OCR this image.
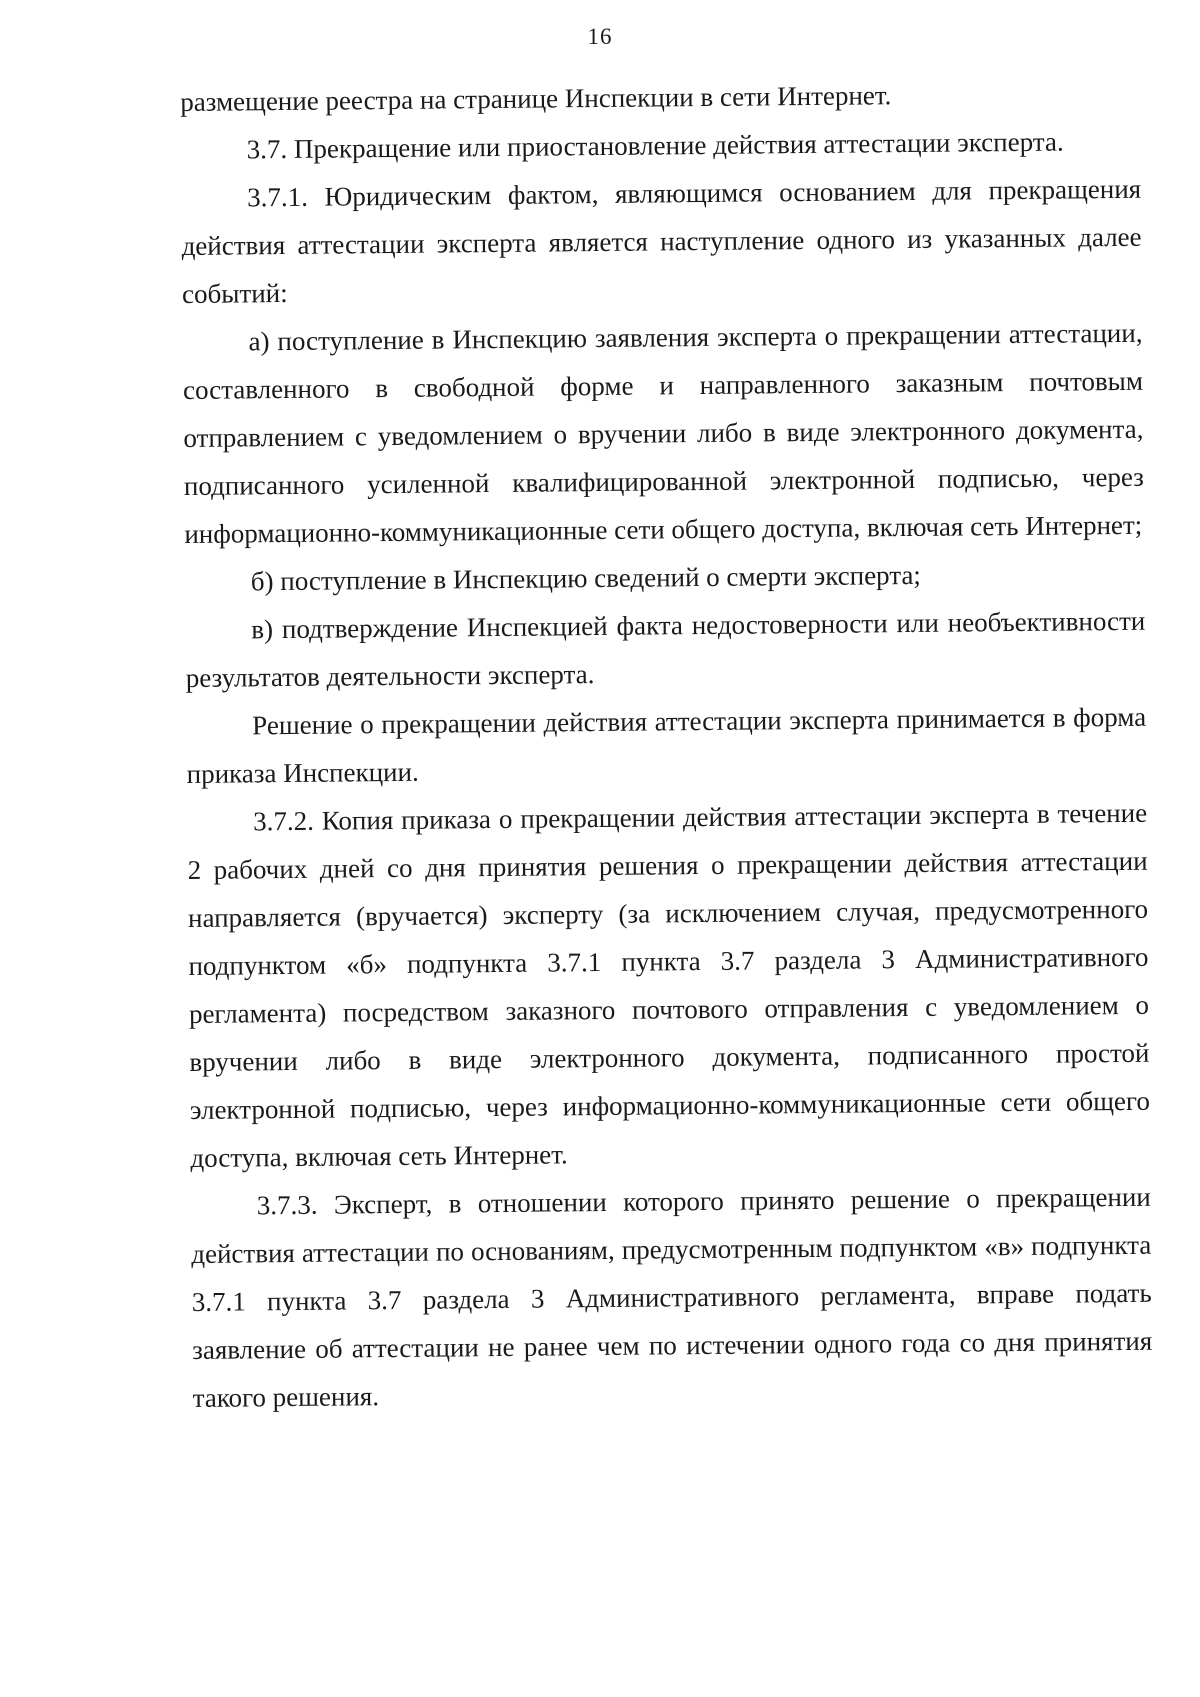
16

размещение реестра на странице Инспекции в сети Интернет.

3.7. Прекращение или приостановление действия аттестации эксперта.

3.7.1. Юридическим фактом, являющимся основанием для прекращения действия аттестации эксперта является наступление одного из указанных далее событий:

а) поступление в Инспекцию заявления эксперта о прекращении аттестации, составленного в свободной форме и направленного заказным почтовым отправлением с уведомлением о вручении либо в виде электронного документа, подписанного усиленной квалифицированной электронной подписью, через информационно-коммуникационные сети общего доступа, включая сеть Интернет;

б) поступление в Инспекцию сведений о смерти эксперта;

в) подтверждение Инспекцией факта недостоверности или необъективности результатов деятельности эксперта.

Решение о прекращении действия аттестации эксперта принимается в форма приказа Инспекции.

3.7.2. Копия приказа о прекращении действия аттестации эксперта в течение 2 рабочих дней со дня принятия решения о прекращении действия аттестации направляется (вручается) эксперту (за исключением случая, предусмотренного подпунктом «б» подпункта 3.7.1 пункта 3.7 раздела 3 Административного регламента) посредством заказного почтового отправления с уведомлением о вручении либо в виде электронного документа, подписанного простой электронной подписью, через информационно-коммуникационные сети общего доступа, включая сеть Интернет.

3.7.3. Эксперт, в отношении которого принято решение о прекращении действия аттестации по основаниям, предусмотренным подпунктом «в» подпункта 3.7.1 пункта 3.7 раздела 3 Административного регламента, вправе подать заявление об аттестации не ранее чем по истечении одного года со дня принятия такого решения.
